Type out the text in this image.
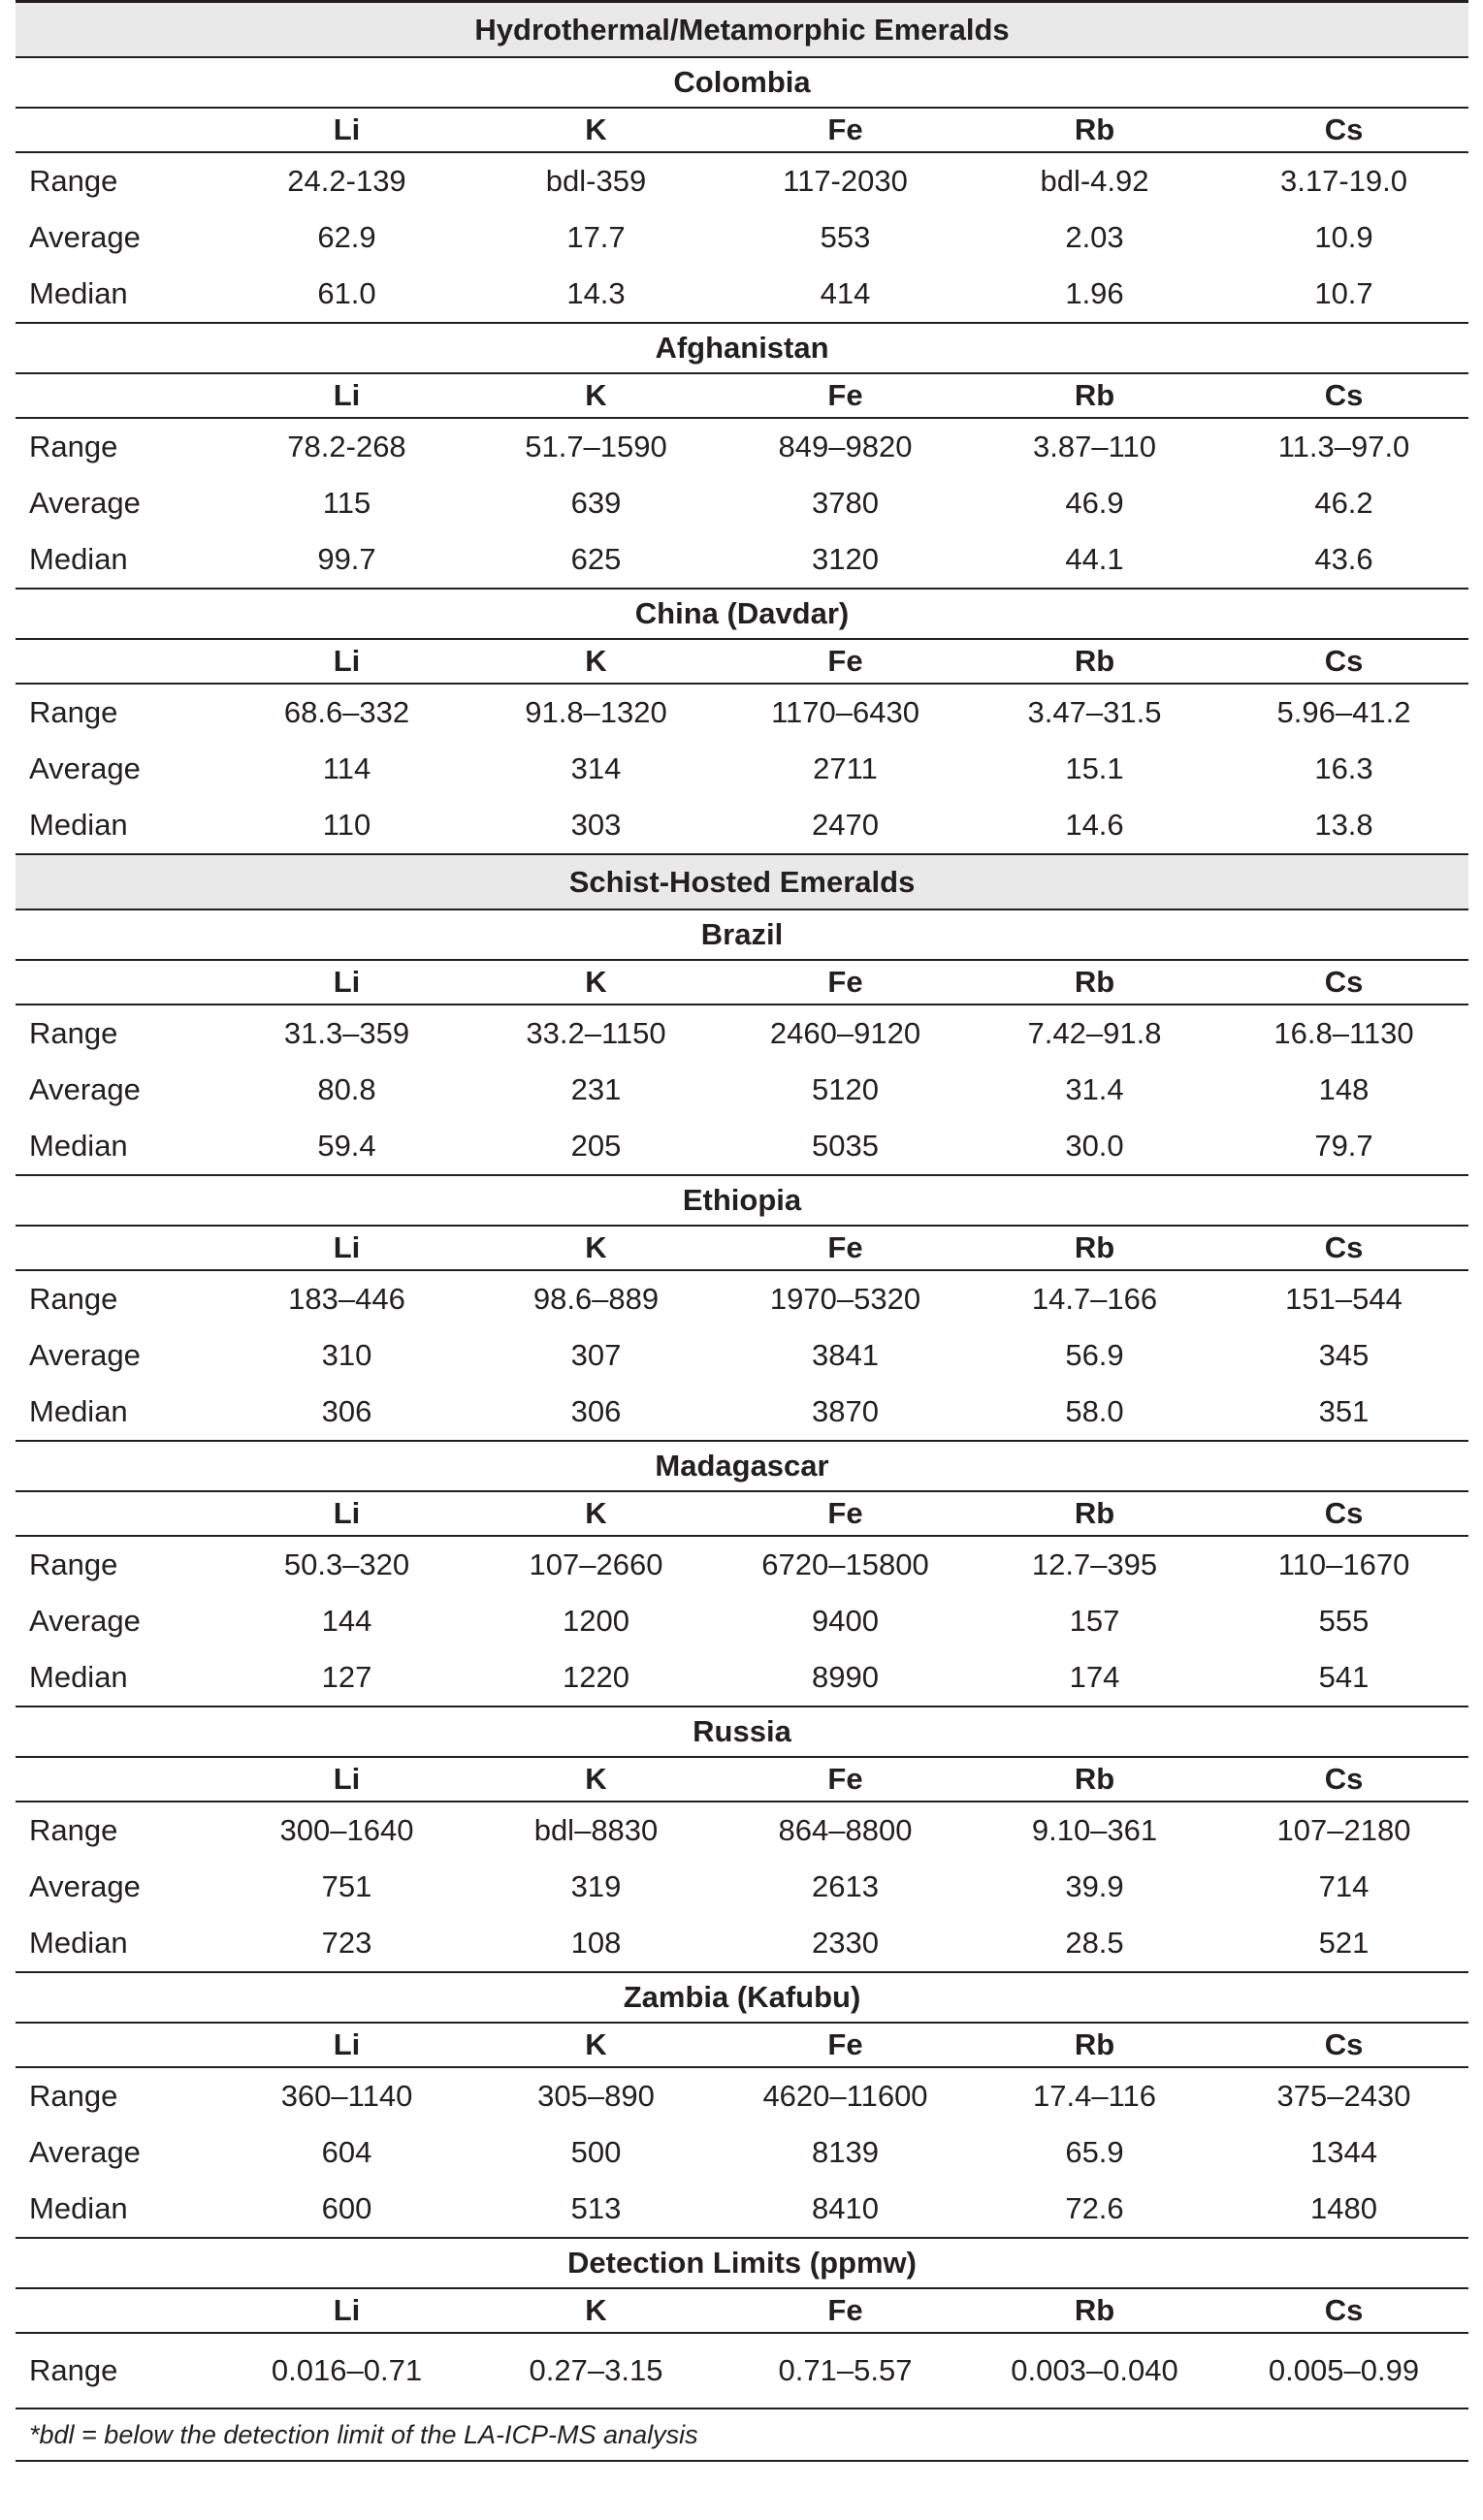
Hydrothermal/Metamorphic Emeralds					
Colombia					
	Li	K	Fe	Rb	Cs
Range	24.2-139	bdl-359	117-2030	bdl-4.92	3.17-19.0
Average	62.9	17.7	553	2.03	10.9
Median	61.0	14.3	414	1.96	10.7
Afghanistan					
	Li	K	Fe	Rb	Cs
Range	78.2-268	51.7–1590	849–9820	3.87–110	11.3–97.0
Average	115	639	3780	46.9	46.2
Median	99.7	625	3120	44.1	43.6
China (Davdar)					
	Li	K	Fe	Rb	Cs
Range	68.6–332	91.8–1320	1170–6430	3.47–31.5	5.96–41.2
Average	114	314	2711	15.1	16.3
Median	110	303	2470	14.6	13.8
Schist-Hosted Emeralds					
Brazil					
	Li	K	Fe	Rb	Cs
Range	31.3–359	33.2–1150	2460–9120	7.42–91.8	16.8–1130
Average	80.8	231	5120	31.4	148
Median	59.4	205	5035	30.0	79.7
Ethiopia					
	Li	K	Fe	Rb	Cs
Range	183–446	98.6–889	1970–5320	14.7–166	151–544
Average	310	307	3841	56.9	345
Median	306	306	3870	58.0	351
Madagascar					
	Li	K	Fe	Rb	Cs
Range	50.3–320	107–2660	6720–15800	12.7–395	110–1670
Average	144	1200	9400	157	555
Median	127	1220	8990	174	541
Russia					
	Li	K	Fe	Rb	Cs
Range	300–1640	bdl–8830	864–8800	9.10–361	107–2180
Average	751	319	2613	39.9	714
Median	723	108	2330	28.5	521
Zambia (Kafubu)					
	Li	K	Fe	Rb	Cs
Range	360–1140	305–890	4620–11600	17.4–116	375–2430
Average	604	500	8139	65.9	1344
Median	600	513	8410	72.6	1480
Detection Limits (ppmw)					
	Li	K	Fe	Rb	Cs
Range	0.016–0.71	0.27–3.15	0.71–5.57	0.003–0.040	0.005–0.99
*bdl = below the detection limit of the LA-ICP-MS analysis					
